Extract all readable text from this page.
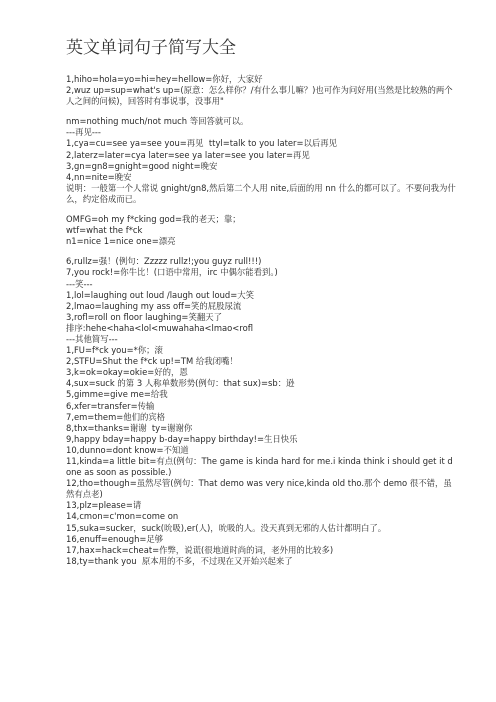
英文单词句子简写大全
1,hiho=hola=yo=hi=hey=hellow=你好，大家好
2,wuz up=sup=what's up=(原意：怎么样你？/有什么事儿嘛？)也可作为问好用(当然是比较熟的两个人之间的问候)，回答时有事说事，没事用"
nm=nothing much/not much 等回答就可以。
---再见---
1,cya=cu=see ya=see you=再见  ttyl=talk to you later=以后再见
2,laterz=later=cya later=see ya later=see you later=再见
3,gn=gn8=gnight=good night=晚安
4,nn=nite=晚安
说明：一般第一个人常说 gnight/gn8,然后第二个人用 nite,后面的用 nn 什么的都可以了。不要问我为什么，约定俗成而已。
OMFG=oh my f*cking god=我的老天；靠；
wtf=what the f*ck
n1=nice 1=nice one=漂亮
6,rullz=强！(例句：Zzzzz rullz!;you guyz rull!!!)
7,you rock!=你牛比！(口语中常用，irc 中偶尔能看到。)
---笑---
1,lol=laughing out loud /laugh out loud=大笑
2,lmao=laughing my ass off=笑的屁股尿流
3,rofl=roll on floor laughing=笑翻天了
排序:hehe<haha<lol<muwahaha<lmao<rofl
---其他简写---
1,FU=f*ck you=*你；滚
2,STFU=Shut the f*ck up!=TM 给我闭嘴！
3,k=ok=okay=okie=好的，恩
4,sux=suck 的第 3 人称单数形势(例句：that sux)=sb：逊
5,gimme=give me=给我
6,xfer=transfer=传输
7,em=them=他们的宾格
8,thx=thanks=谢谢  ty=谢谢你
9,happy bday=happy b-day=happy birthday!=生日快乐
10,dunno=dont know=不知道
11,kinda=a little bit=有点(例句：The game is kinda hard for me.i kinda think i should get it done as soon as possible.)
12,tho=though=虽然尽管(例句：That demo was very nice,kinda old tho.那个 demo 很不错，虽然有点老)
13,plz=please=请
14,cmon=c'mon=come on
15,suka=sucker，suck(吮吸),er(人)，吮吸的人。没天真到无邪的人估计都明白了。
16,enuff=enough=足够
17,hax=hack=cheat=作弊，说谎(很地道时尚的词，老外用的比较多)
18,ty=thank you  原本用的不多，不过现在又开始兴起来了
